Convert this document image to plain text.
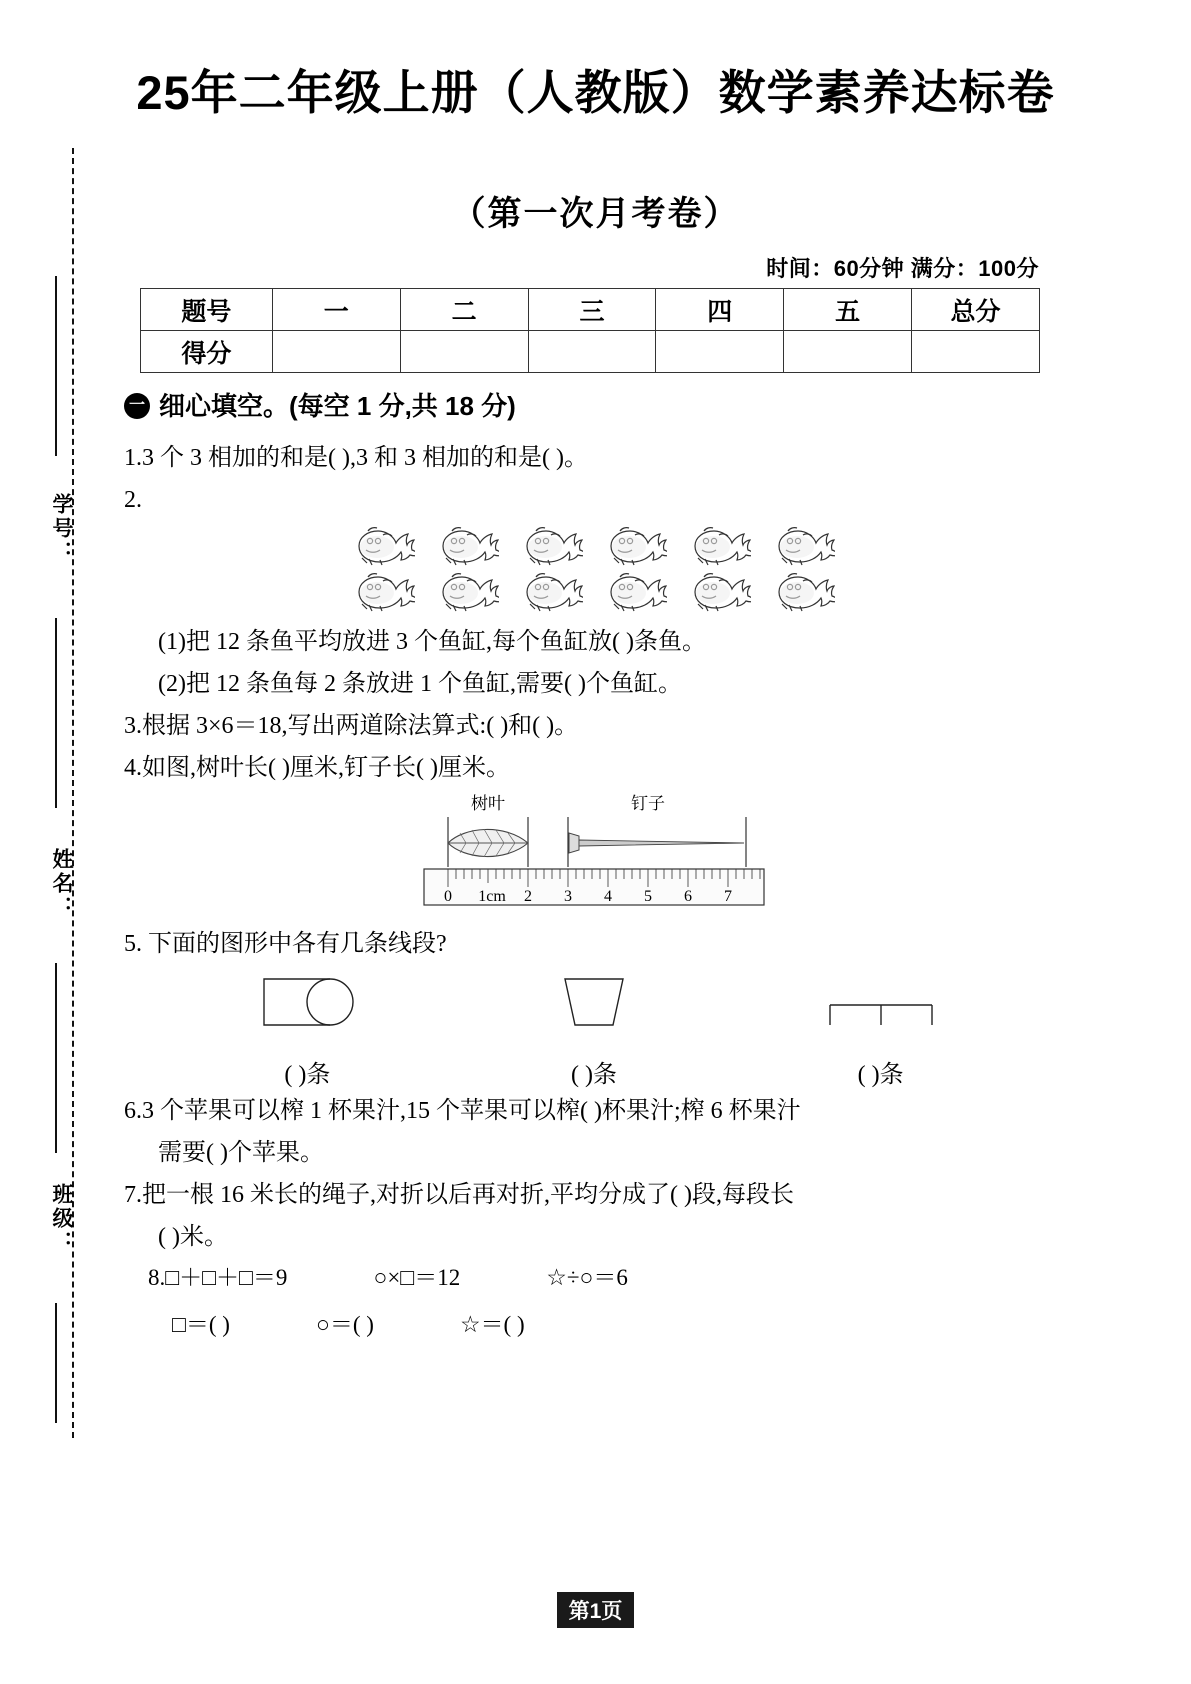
学号：
姓名：
班级：
25年二年级上册（人教版）数学素养达标卷
（第一次月考卷）
时间：60分钟 满分：100分
题号	一	二	三	四	五	总分
得分						
一 细心填空。(每空 1 分,共 18 分)
1.3 个 3 相加的和是( ),3 和 3 相加的和是( )。
2.
(1)把 12 条鱼平均放进 3 个鱼缸,每个鱼缸放( )条鱼。
(2)把 12 条鱼每 2 条放进 1 个鱼缸,需要( )个鱼缸。
3.根据 3×6＝18,写出两道除法算式:( )和( )。
4.如图,树叶长( )厘米,钉子长( )厘米。
树叶	钉子
0 1cm 2 3 4 5 6 7
5. 下面的图形中各有几条线段?
( )条	( )条	( )条
6.3 个苹果可以榨 1 杯果汁,15 个苹果可以榨( )杯果汁;榨 6 杯果汁
需要( )个苹果。
7.把一根 16 米长的绳子,对折以后再对折,平均分成了( )段,每段长
( )米。
8.□＋□＋□＝9	○×□＝12	☆÷○＝6
□＝( )	○＝( )	☆＝( )
第1页
